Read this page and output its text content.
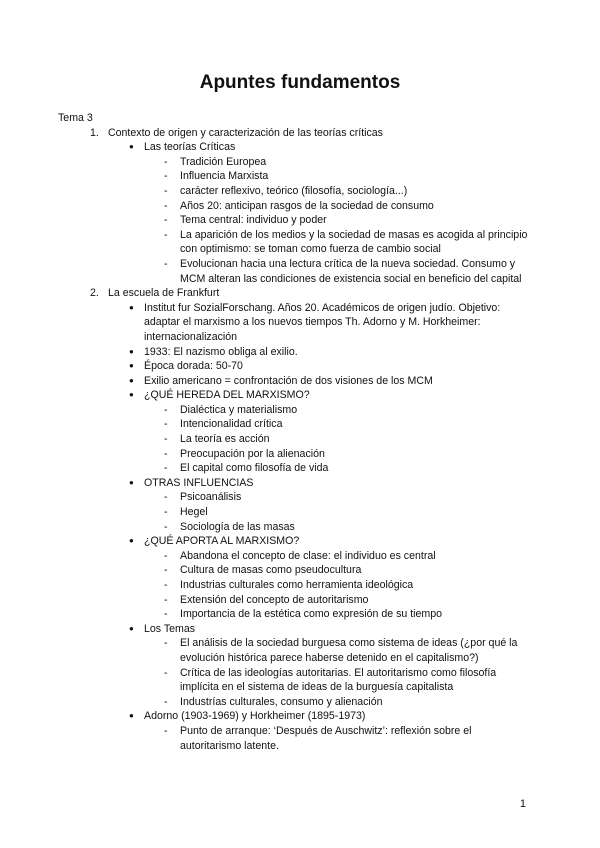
Apuntes fundamentos
Tema 3
1. Contexto de origen y caracterización de las teorías críticas
● Las teorías Críticas
- Tradición Europea
- Influencia Marxista
- carácter reflexivo, teórico (filosofía, sociología...)
- Años 20: anticipan rasgos de la sociedad de consumo
- Tema central: individuo y poder
- La aparición de los medios y la sociedad de masas es acogida al principio con optimismo: se toman como fuerza de cambio social
- Evolucionan hacia una lectura crítica de la nueva sociedad. Consumo y MCM alteran las condiciones de existencia social en beneficio del capital
2. La escuela de Frankfurt
● Institut fur SozialForschang. Años 20. Académicos de origen judío. Objetivo: adaptar el marxismo a los nuevos tiempos Th. Adorno y M. Horkheimer: internacionalización
● 1933: El nazismo obliga al exilio.
● Época dorada: 50-70
● Exilio americano = confrontación de dos visiones de los MCM
● ¿QUÉ HEREDA DEL MARXISMO?
- Dialéctica y materialismo
- Intencionalidad crítica
- La teoría es acción
- Preocupación por la alienación
- El capital como filosofía de vida
● OTRAS INFLUENCIAS
- Psicoanálisis
- Hegel
- Sociología de las masas
● ¿QUÉ APORTA AL MARXISMO?
- Abandona el concepto de clase: el individuo es central
- Cultura de masas como pseudocultura
- Industrias culturales como herramienta ideológica
- Extensión del concepto de autoritarismo
- Importancia de la estética como expresión de su tiempo
● Los Temas
- El análisis de la sociedad burguesa como sistema de ideas (¿por qué la evolución histórica parece haberse detenido en el capitalismo?)
- Crítica de las ideologías autoritarias. El autoritarismo como filosofía implícita en el sistema de ideas de la burguesía capitalista
- Industrías culturales, consumo y alienación
● Adorno (1903-1969) y Horkheimer (1895-1973)
- Punto de arranque: ‘Después de Auschwitz’: reflexión sobre el autoritarismo latente.
1
